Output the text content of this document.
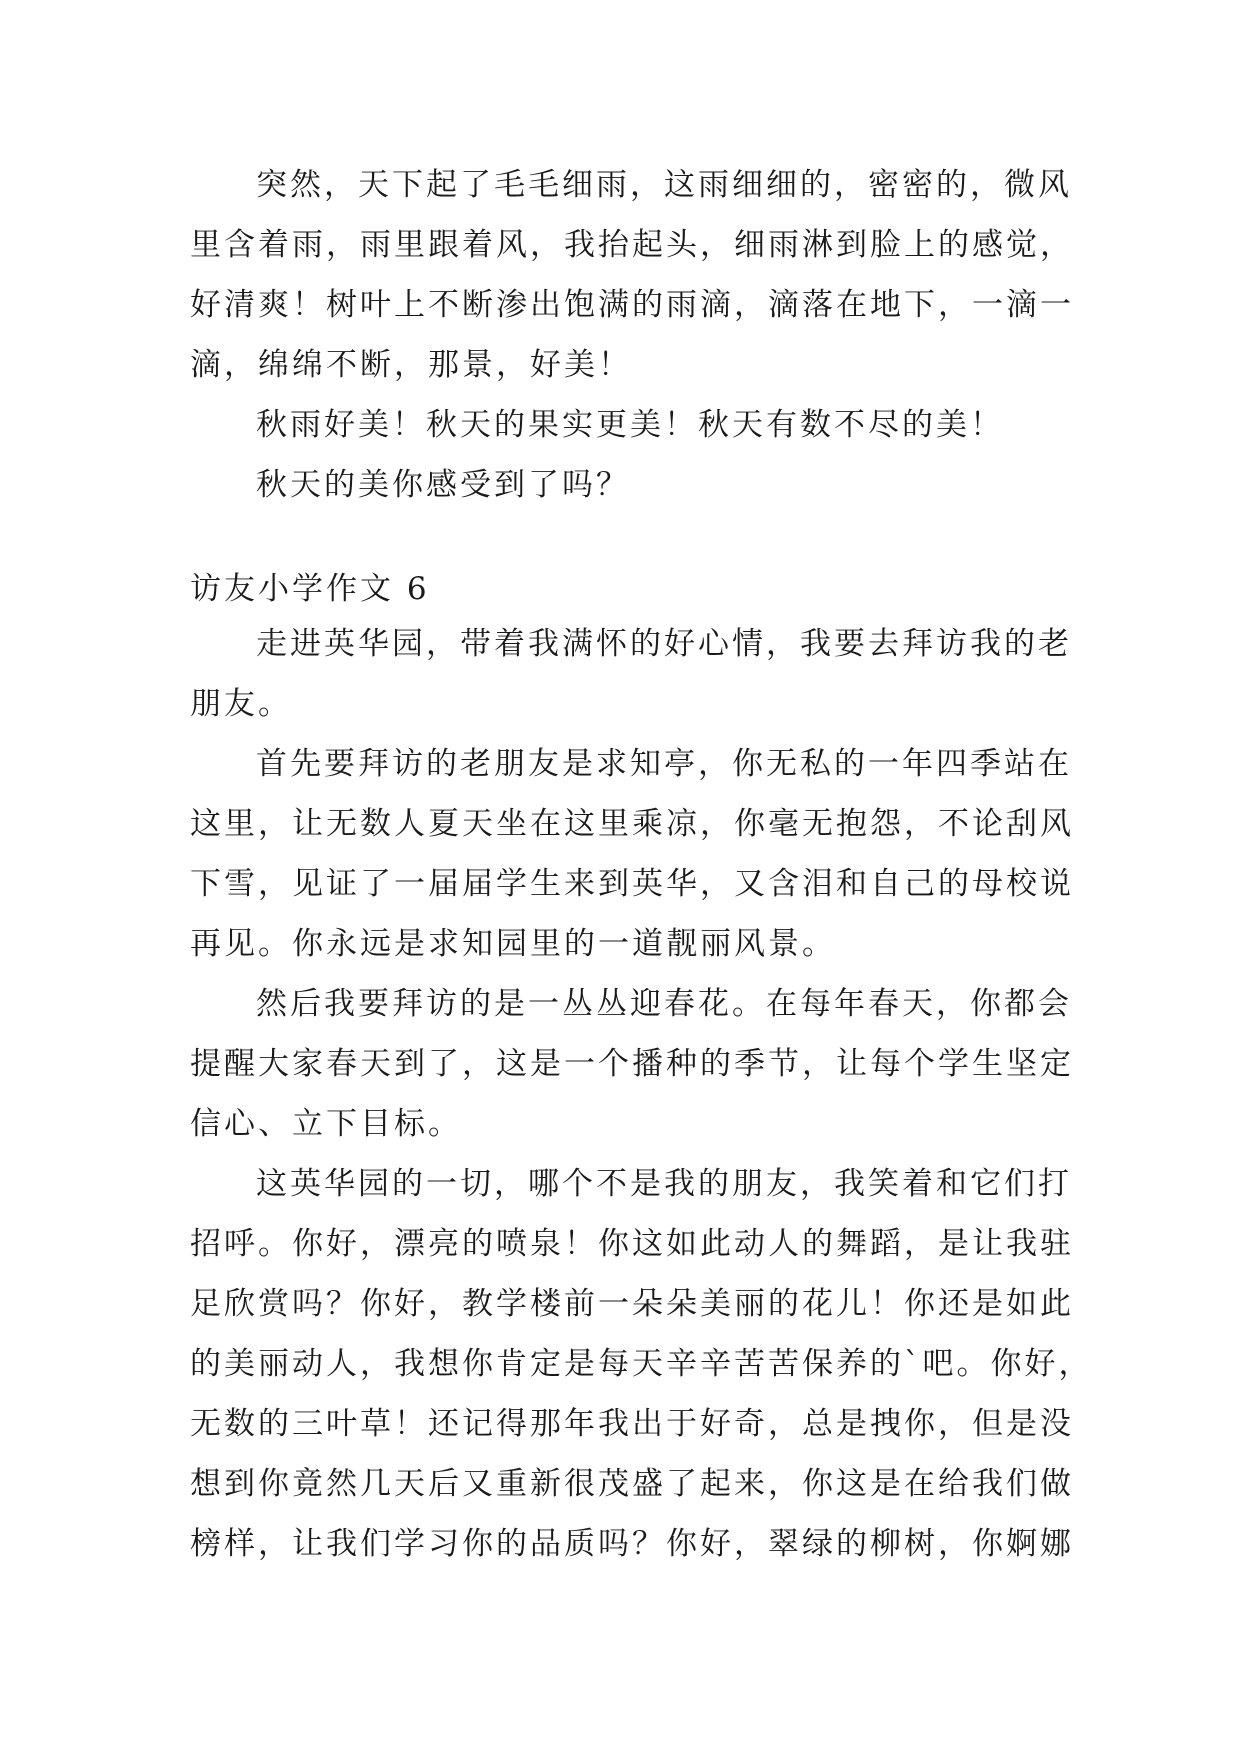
突然，天下起了毛毛细雨，这雨细细的，密密的，微风
里含着雨，雨里跟着风，我抬起头，细雨淋到脸上的感觉，
好清爽！树叶上不断渗出饱满的雨滴，滴落在地下，一滴一
滴，绵绵不断，那景，好美！
秋雨好美！秋天的果实更美！秋天有数不尽的美！
秋天的美你感受到了吗？
访友小学作文 6
走进英华园，带着我满怀的好心情，我要去拜访我的老
朋友。
首先要拜访的老朋友是求知亭，你无私的一年四季站在
这里，让无数人夏天坐在这里乘凉，你毫无抱怨，不论刮风
下雪，见证了一届届学生来到英华，又含泪和自己的母校说
再见。你永远是求知园里的一道靓丽风景。
然后我要拜访的是一丛丛迎春花。在每年春天，你都会
提醒大家春天到了，这是一个播种的季节，让每个学生坚定
信心、立下目标。
这英华园的一切，哪个不是我的朋友，我笑着和它们打
招呼。你好，漂亮的喷泉！你这如此动人的舞蹈，是让我驻
足欣赏吗？你好，教学楼前一朵朵美丽的花儿！你还是如此
的美丽动人，我想你肯定是每天辛辛苦苦保养的`吧。你好，
无数的三叶草！还记得那年我出于好奇，总是拽你，但是没
想到你竟然几天后又重新很茂盛了起来，你这是在给我们做
榜样，让我们学习你的品质吗？你好，翠绿的柳树，你婀娜
